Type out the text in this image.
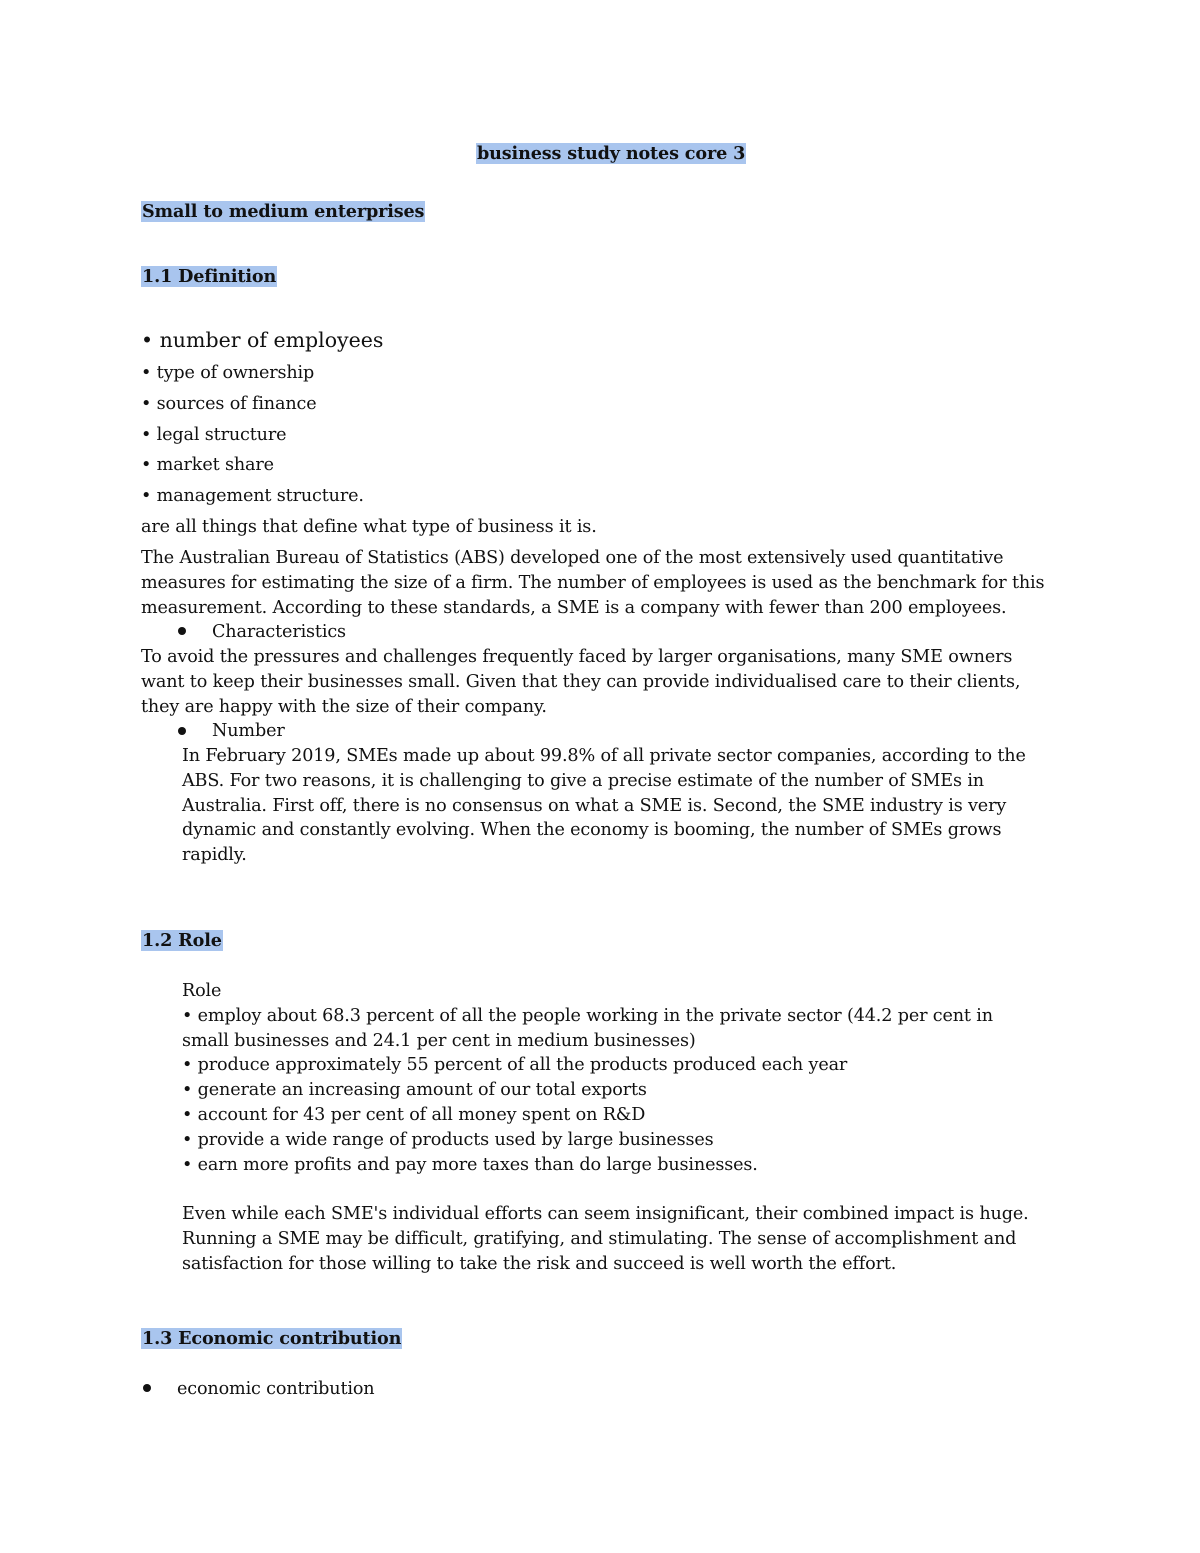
business study notes core 3
Small to medium enterprises
1.1 Definition
• number of employees
• type of ownership
• sources of finance
• legal structure
• market share
• management structure.
are all things that define what type of business it is.
The Australian Bureau of Statistics (ABS) developed one of the most extensively used quantitative measures for estimating the size of a firm. The number of employees is used as the benchmark for this measurement. According to these standards, a SME is a company with fewer than 200 employees.
Characteristics
To avoid the pressures and challenges frequently faced by larger organisations, many SME owners want to keep their businesses small. Given that they can provide individualised care to their clients, they are happy with the size of their company.
Number
In February 2019, SMEs made up about 99.8% of all private sector companies, according to the ABS. For two reasons, it is challenging to give a precise estimate of the number of SMEs in Australia. First off, there is no consensus on what a SME is. Second, the SME industry is very dynamic and constantly evolving. When the economy is booming, the number of SMEs grows rapidly.
1.2 Role
Role
• employ about 68.3 percent of all the people working in the private sector (44.2 per cent in small businesses and 24.1 per cent in medium businesses)
• produce approximately 55 percent of all the products produced each year
• generate an increasing amount of our total exports
• account for 43 per cent of all money spent on R&D
• provide a wide range of products used by large businesses
• earn more profits and pay more taxes than do large businesses.
Even while each SME's individual efforts can seem insignificant, their combined impact is huge. Running a SME may be difficult, gratifying, and stimulating. The sense of accomplishment and satisfaction for those willing to take the risk and succeed is well worth the effort.
1.3 Economic contribution
economic contribution
